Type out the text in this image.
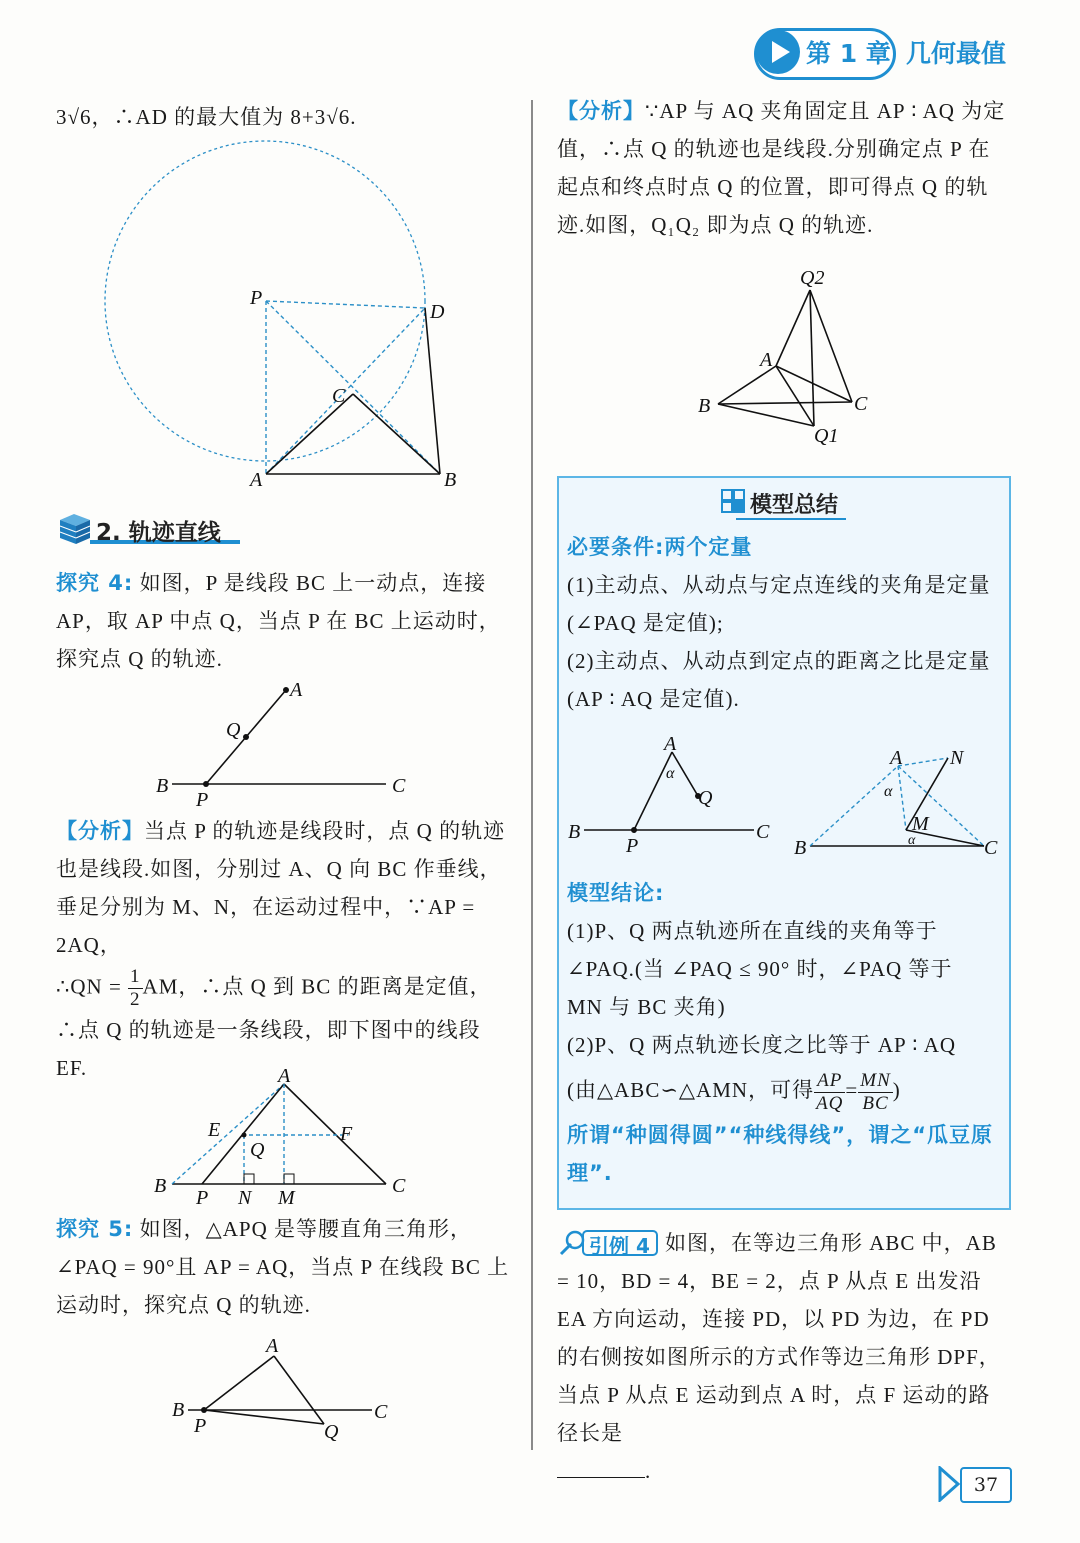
第 1 章 几何最值
3√6，∴AD 的最大值为 8+3√6.
P
D
C
A	B
2. 轨迹直线
探究 4: 如图，P 是线段 BC 上一动点，连接 AP，取 AP 中点 Q，当点 P 在 BC 上运动时，探究点 Q 的轨迹.
A
Q
B
P
C
【分析】当点 P 的轨迹是线段时，点 Q 的轨迹也是线段.如图，分别过 A、Q 向 BC 作垂线，垂足分别为 M、N，在运动过程中，∵AP = 2AQ，
∴QN = $\frac{1}{2}$ AM，∴点 Q 到 BC 的距离是定值，
∴点 Q 的轨迹是一条线段，即下图中的线段 EF.	A
E
Q
F
B
P N M
C
探究 5: 如图，△APQ 是等腰直角三角形，∠PAQ = 90°且 AP = AQ，当点 P 在线段 BC 上运动时，探究点 Q 的轨迹.
A
B
P	Q
C
【分析】∵AP 与 AQ 夹角固定且 AP ∶ AQ 为定值，∴点 Q 的轨迹也是线段.分别确定点 P 在起点和终点时点 Q 的位置，即可得点 Q 的轨迹.如图，Q₁Q₂ 即为点 Q 的轨迹.
Q2
A
B	C
Q1
模型总结
必要条件:两个定量
(1)主动点、从动点与定点连线的夹角是定量
(∠PAQ 是定值);
(2)主动点、从动点到定点的距离之比是定量
(AP ∶ AQ 是定值).
A
α
Q
B
P
C
A N
α
M
α
B	C
模型结论:
(1)P、Q 两点轨迹所在直线的夹角等于
∠PAQ.(当 ∠PAQ ≤ 90° 时，∠PAQ 等于
MN 与 BC 夹角)
(2)P、Q 两点轨迹长度之比等于 AP ∶ AQ
(由△ABC∽△AMN，可得 $\frac{AP}{AQ} = \frac{MN}{BC}$ )
所谓“种圆得圆”“种线得线”，谓之“瓜豆原理”.
引例 4 如图，在等边三角形 ABC 中，AB = 10，BD = 4，BE = 2，点 P 从点 E 出发沿 EA 方向运动，连接 PD，以 PD 为边，在 PD 的右侧按如图所示的方式作等边三角形 DPF，当点 P 从点 E 运动到点 A 时，点 F 运动的路径长是
.
37
